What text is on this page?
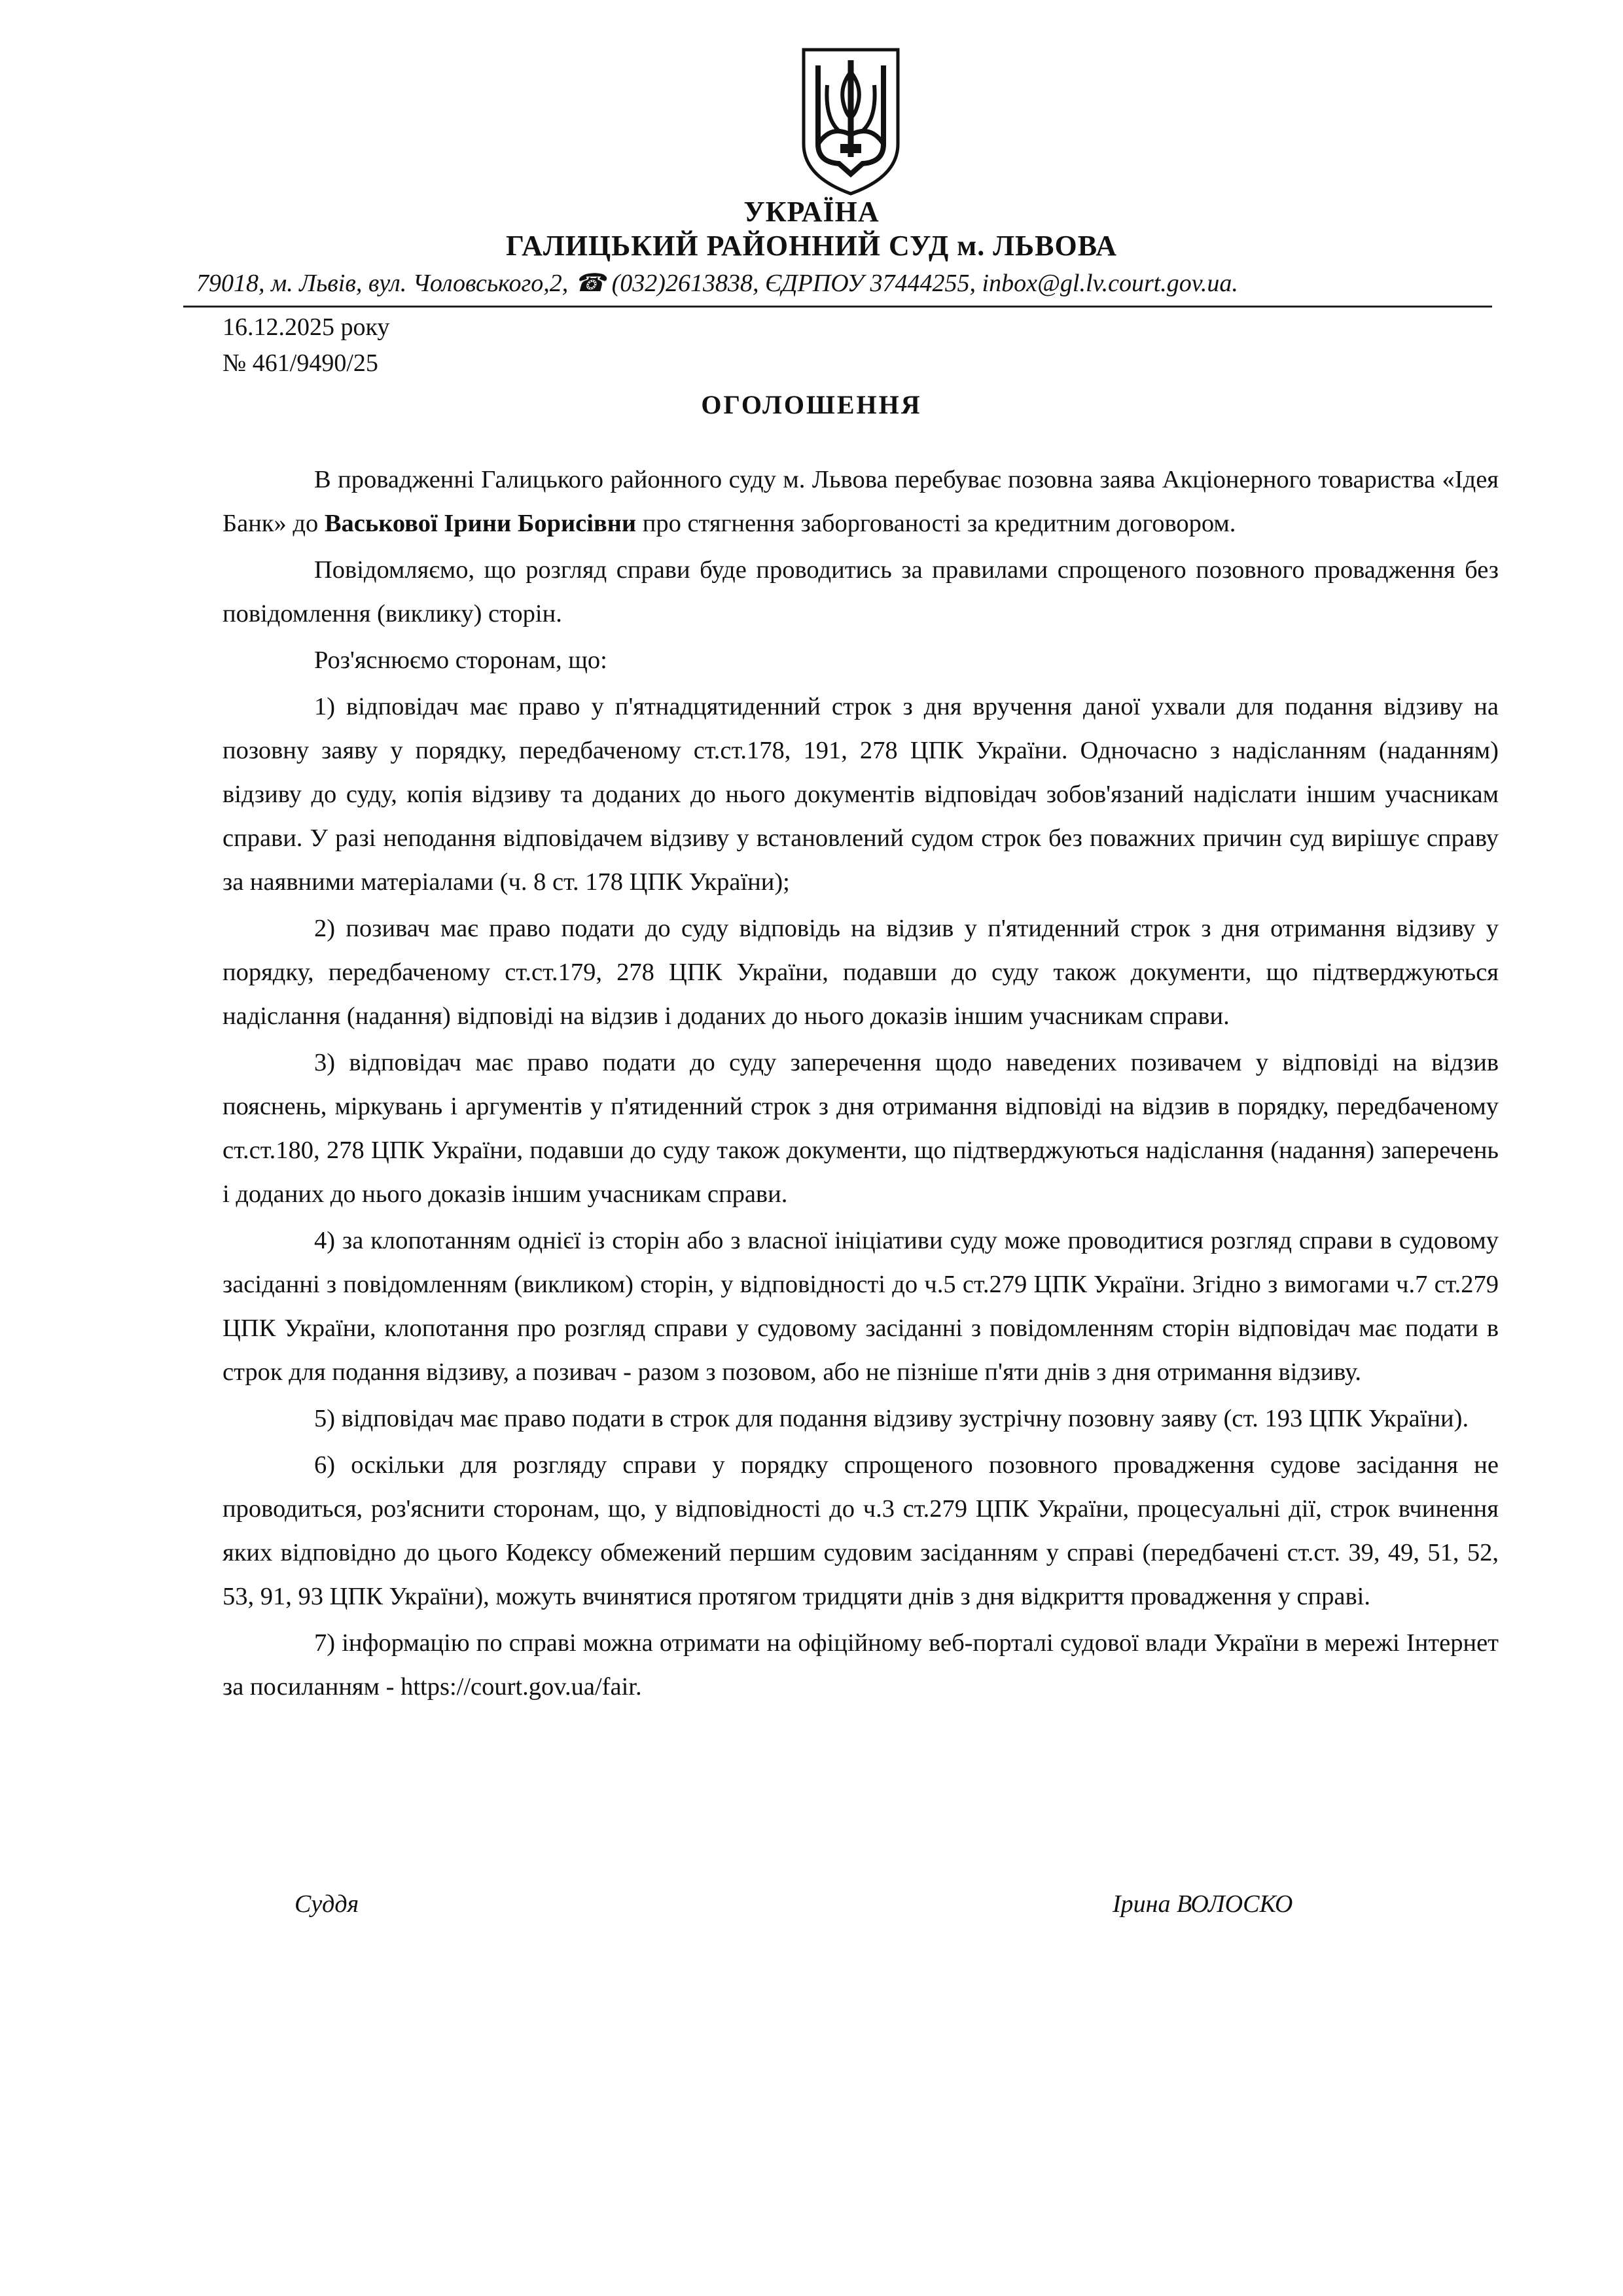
УКРАЇНА
ГАЛИЦЬКИЙ РАЙОННИЙ СУД м. ЛЬВОВА
79018, м. Львів, вул. Чоловського,2, ☎ (032)2613838, ЄДРПОУ 37444255, inbox@gl.lv.court.gov.ua.
16.12.2025 року
№ 461/9490/25
ОГОЛОШЕННЯ

В провадженні Галицького районного суду м. Львова перебуває позовна заява Акціонерного товариства «Ідея Банк» до Васькової Ірини Борисівни про стягнення заборгованості за кредитним договором.

Повідомляємо, що розгляд справи буде проводитись за правилами спрощеного позовного провадження без повідомлення (виклику) сторін.

Роз'яснюємо сторонам, що:

1) відповідач має право у п'ятнадцятиденний строк з дня вручення даної ухвали для подання відзиву на позовну заяву у порядку, передбаченому ст.ст.178, 191, 278 ЦПК України. Одночасно з надісланням (наданням) відзиву до суду, копія відзиву та доданих до нього документів відповідач зобов'язаний надіслати іншим учасникам справи. У разі неподання відповідачем відзиву у встановлений судом строк без поважних причин суд вирішує справу за наявними матеріалами (ч. 8 ст. 178 ЦПК України);

2) позивач має право подати до суду відповідь на відзив у п'ятиденний строк з дня отримання відзиву у порядку, передбаченому ст.ст.179, 278 ЦПК України, подавши до суду також документи, що підтверджуються надіслання (надання) відповіді на відзив і доданих до нього доказів іншим учасникам справи.

3) відповідач має право подати до суду заперечення щодо наведених позивачем у відповіді на відзив пояснень, міркувань і аргументів у п'ятиденний строк з дня отримання відповіді на відзив в порядку, передбаченому ст.ст.180, 278 ЦПК України, подавши до суду також документи, що підтверджуються надіслання (надання) заперечень і доданих до нього доказів іншим учасникам справи.

4) за клопотанням однієї із сторін або з власної ініціативи суду може проводитися розгляд справи в судовому засіданні з повідомленням (викликом) сторін, у відповідності до ч.5 ст.279 ЦПК України. Згідно з вимогами ч.7 ст.279 ЦПК України, клопотання про розгляд справи у судовому засіданні з повідомленням сторін відповідач має подати в строк для подання відзиву, а позивач - разом з позовом, або не пізніше п'яти днів з дня отримання відзиву.

5) відповідач має право подати в строк для подання відзиву зустрічну позовну заяву (ст. 193 ЦПК України).

6) оскільки для розгляду справи у порядку спрощеного позовного провадження судове засідання не проводиться, роз'яснити сторонам, що, у відповідності до ч.3 ст.279 ЦПК України, процесуальні дії, строк вчинення яких відповідно до цього Кодексу обмежений першим судовим засіданням у справі (передбачені ст.ст. 39, 49, 51, 52, 53, 91, 93 ЦПК України), можуть вчинятися протягом тридцяти днів з дня відкриття провадження у справі.

7) інформацію по справі можна отримати на офіційному веб-порталі судової влади України в мережі Інтернет за посиланням - https://court.gov.ua/fair.

Суддя	Ірина ВОЛОСКО
